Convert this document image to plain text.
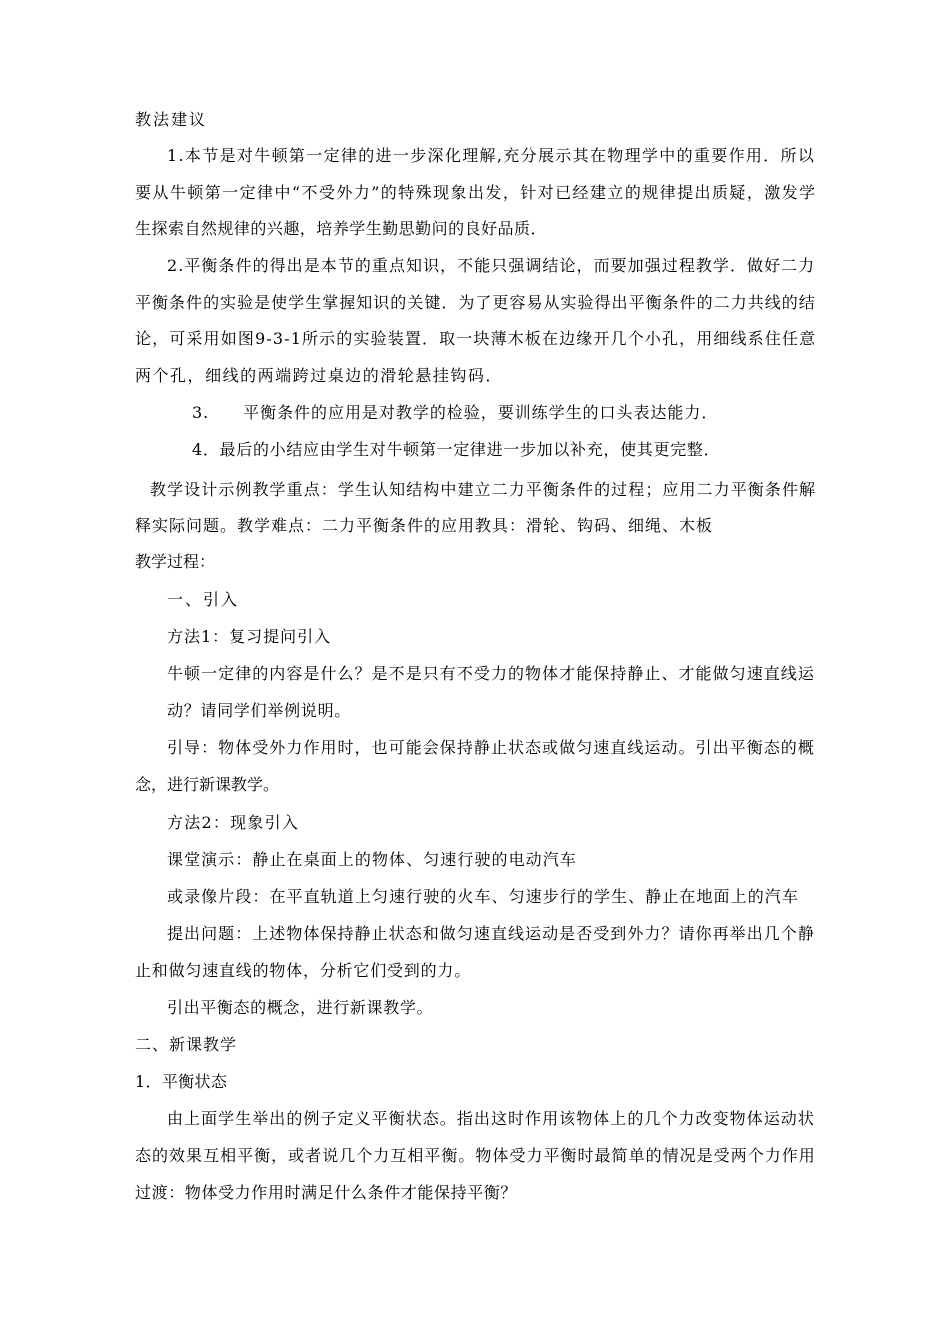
教法建议
1.本节是对牛顿第一定律的进一步深化理解,充分展示其在物理学中的重要作用．所以
要从牛顿第一定律中“不受外力”的特殊现象出发，针对已经建立的规律提出质疑，激发学
生探索自然规律的兴趣，培养学生勤思勤问的良好品质．
2.平衡条件的得出是本节的重点知识，不能只强调结论，而要加强过程教学．做好二力
平衡条件的实验是使学生掌握知识的关键．为了更容易从实验得出平衡条件的二力共线的结
论，可采用如图9-3-1所示的实验装置．取一块薄木板在边缘开几个小孔，用细线系住任意
两个孔，细线的两端跨过桌边的滑轮悬挂钩码．
3.　　平衡条件的应用是对教学的检验，要训练学生的口头表达能力．
4．最后的小结应由学生对牛顿第一定律进一步加以补充，使其更完整．
教学设计示例教学重点：学生认知结构中建立二力平衡条件的过程；应用二力平衡条件解
释实际问题。教学难点：二力平衡条件的应用教具：滑轮、钩码、细绳、木板
教学过程：
一、引入
方法1：复习提问引入
牛顿一定律的内容是什么？是不是只有不受力的物体才能保持静止、才能做匀速直线运
动？请同学们举例说明。
引导：物体受外力作用时，也可能会保持静止状态或做匀速直线运动。引出平衡态的概
念，进行新课教学。
方法2：现象引入
课堂演示：静止在桌面上的物体、匀速行驶的电动汽车
或录像片段：在平直轨道上匀速行驶的火车、匀速步行的学生、静止在地面上的汽车
提出问题：上述物体保持静止状态和做匀速直线运动是否受到外力？请你再举出几个静
止和做匀速直线的物体，分析它们受到的力。
引出平衡态的概念，进行新课教学。
二、新课教学
1．平衡状态
由上面学生举出的例子定义平衡状态。指出这时作用该物体上的几个力改变物体运动状
态的效果互相平衡，或者说几个力互相平衡。物体受力平衡时最简单的情况是受两个力作用
过渡：物体受力作用时满足什么条件才能保持平衡？
